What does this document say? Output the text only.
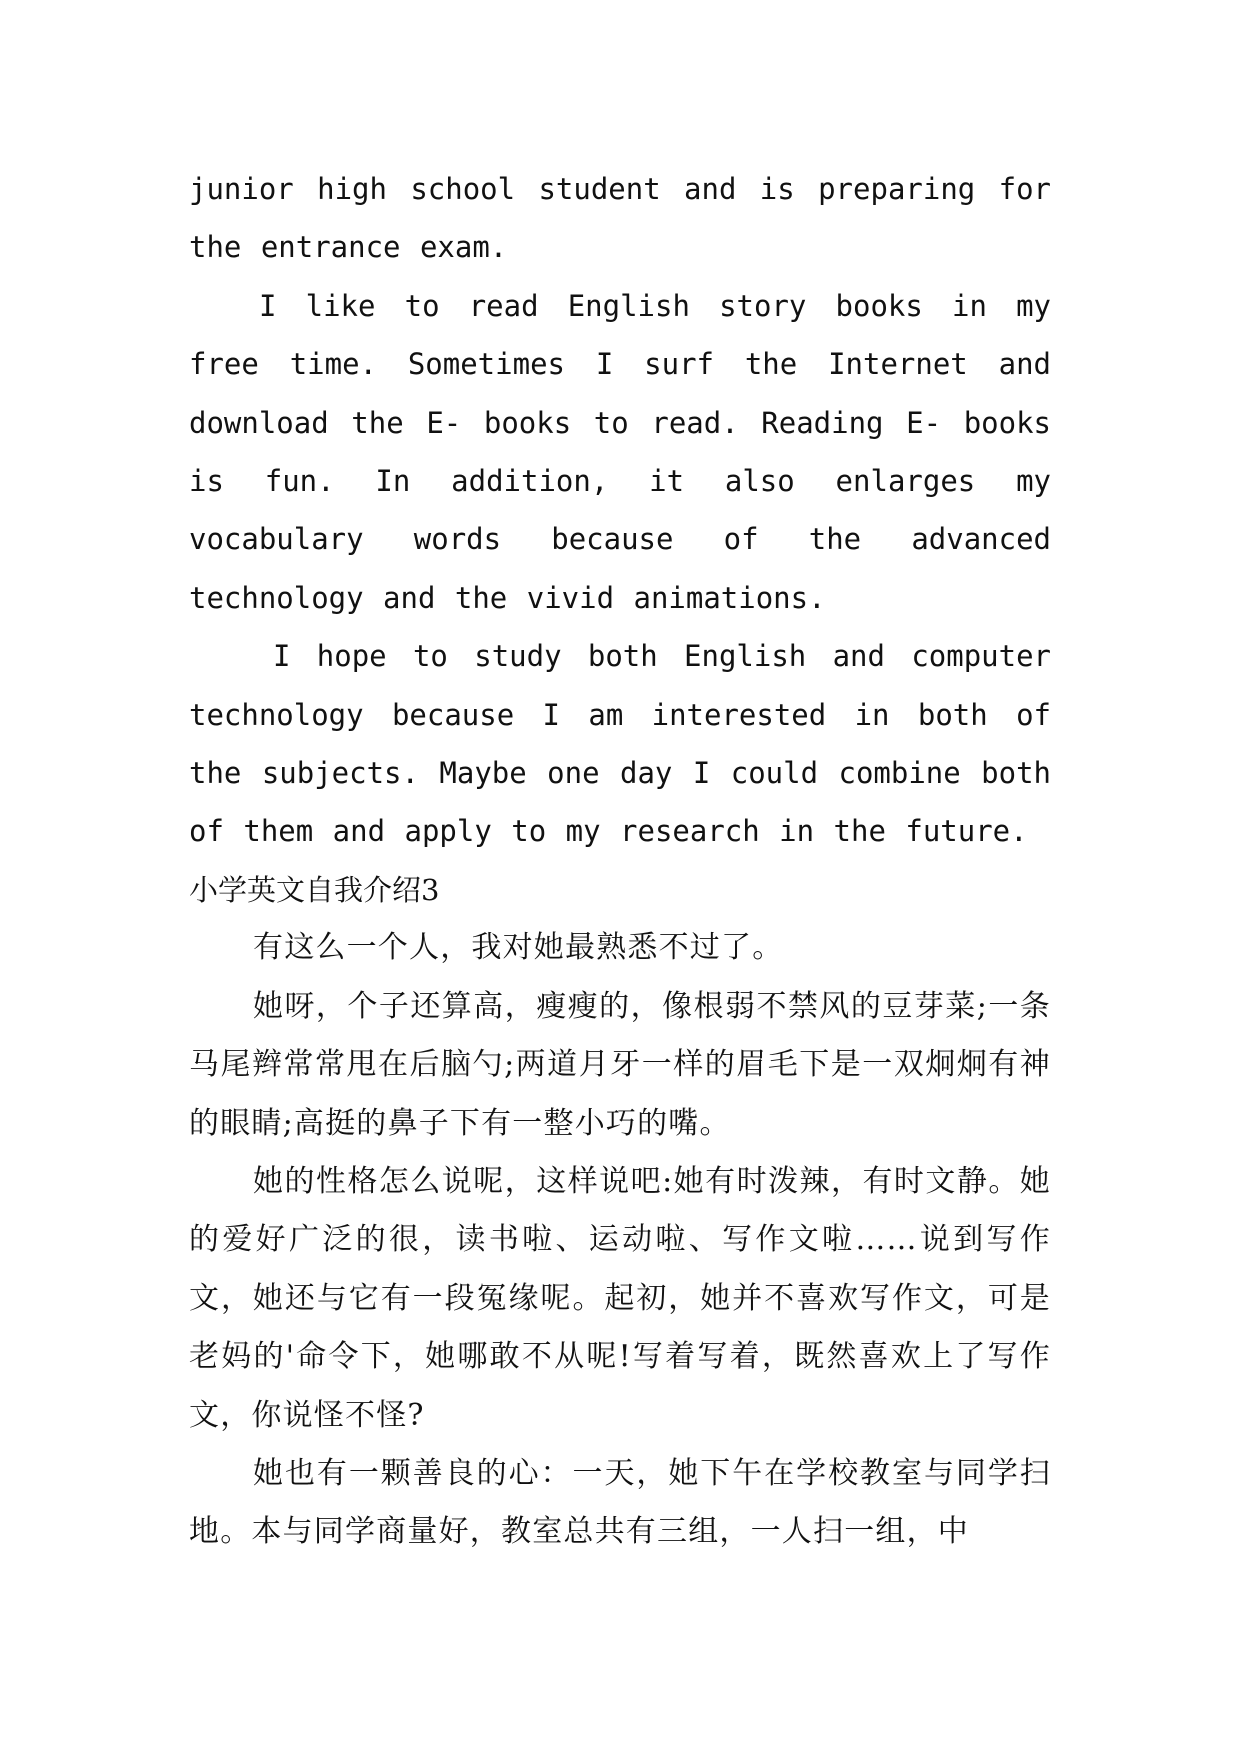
junior high school student and is preparing for the entrance exam.

I like to read English story books in my free time. Sometimes I surf the Internet and download the E- books to read. Reading E- books is fun. In addition, it also enlarges my vocabulary words because of the advanced technology and the vivid animations.

I hope to study both English and computer technology because I am interested in both of the subjects. Maybe one day I could combine both of them and apply to my research in the future.

小学英文自我介绍3

有这么一个人，我对她最熟悉不过了。

她呀，个子还算高，瘦瘦的，像根弱不禁风的豆芽菜;一条马尾辫常常甩在后脑勺;两道月牙一样的眉毛下是一双炯炯有神的眼睛;高挺的鼻子下有一整小巧的嘴。

她的性格怎么说呢，这样说吧:她有时泼辣，有时文静。她的爱好广泛的很，读书啦、运动啦、写作文啦……说到写作文，她还与它有一段冤缘呢。起初，她并不喜欢写作文，可是老妈的'命令下，她哪敢不从呢!写着写着，既然喜欢上了写作文，你说怪不怪?

她也有一颗善良的心：一天，她下午在学校教室与同学扫地。本与同学商量好，教室总共有三组，一人扫一组，中
